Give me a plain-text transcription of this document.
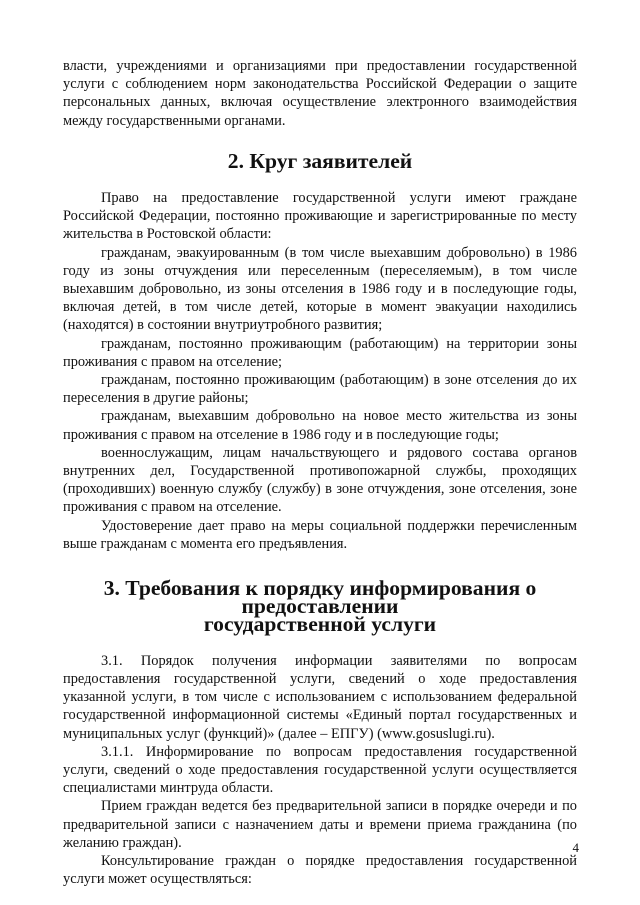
власти, учреждениями и организациями при предоставлении государственной услуги с соблюдением норм законодательства Российской Федерации о защите персональных данных, включая осуществление электронного взаимодействия между государственными органами.

2. Круг заявителей

Право на предоставление государственной услуги имеют граждане Российской Федерации, постоянно проживающие и зарегистрированные по месту жительства в Ростовской области:

гражданам, эвакуированным (в том числе выехавшим добровольно) в 1986 году из зоны отчуждения или переселенным (переселяемым), в том числе выехавшим добровольно, из зоны отселения в 1986 году и в последующие годы, включая детей, в том числе детей, которые в момент эвакуации находились (находятся) в состоянии внутриутробного развития;

гражданам, постоянно проживающим (работающим) на территории зоны проживания с правом на отселение;

гражданам, постоянно проживающим (работающим) в зоне отселения до их переселения в другие районы;

гражданам, выехавшим добровольно на новое место жительства из зоны проживания с правом на отселение в 1986 году и в последующие годы;

военнослужащим, лицам начальствующего и рядового состава органов внутренних дел, Государственной противопожарной службы, проходящих (проходивших) военную службу (службу) в зоне отчуждения, зоне отселения, зоне проживания с правом на отселение.

Удостоверение дает право на меры социальной поддержки перечисленным выше гражданам с момента его предъявления.

3. Требования к порядку информирования о предоставлении
государственной услуги

3.1. Порядок получения информации заявителями по вопросам предоставления государственной услуги, сведений о ходе предоставления указанной услуги, в том числе с использованием с использованием федеральной государственной информационной системы «Единый портал государственных и муниципальных услуг (функций)» (далее – ЕПГУ) (www.gosuslugi.ru).

3.1.1. Информирование по вопросам предоставления государственной услуги, сведений о ходе предоставления государственной услуги осуществляется специалистами минтруда области.

Прием граждан ведется без предварительной записи в порядке очереди и по предварительной записи с назначением даты и времени приема гражданина (по желанию граждан).

Консультирование граждан о порядке предоставления государственной услуги может осуществляться:

4
